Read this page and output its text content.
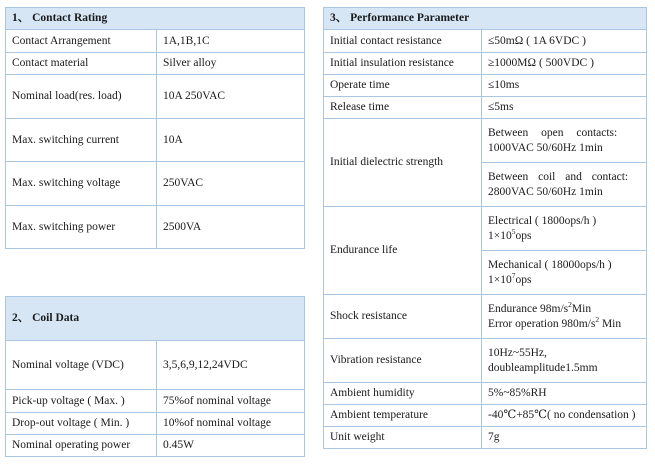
1、 Contact Rating	
Contact Arrangement	1A,1B,1C
Contact material	Silver alloy
Nominal load(res. load)	10A 250VAC
Max. switching current	10A
Max. switching voltage	250VAC
Max. switching power	2500VA
2、 Coil Data	
Nominal voltage (VDC)	3,5,6,9,12,24VDC
Pick-up voltage ( Max. )	75%of nominal voltage
Drop-out voltage ( Min. )	10%of nominal voltage
Nominal operating power	0.45W
3、 Performance Parameter	
Initial contact resistance	≤50mΩ ( 1A 6VDC )
Initial insulation resistance	≥1000MΩ ( 500VDC )
Operate time	≤10ms
Release time	≤5ms
Initial dielectric strength	Between open contacts:
1000VAC 50/60Hz 1min

	Between coil and contact:
2800VAC 50/60Hz 1min

Endurance life	Electrical ( 1800ops/h )
$1\times 10^5ops$

	Mechanical ( 18000ops/h )
$1\times 10^7ops$

Shock resistance	Endurance $98m/s^2Min$
Error operation $980m/s^2$ Min

Vibration resistance	10Hz~55Hz,
doubleamplitude1.5mm

Ambient humidity	5%~85%RH
Ambient temperature	-40℃+85℃( no condensation )
Unit weight	7g
